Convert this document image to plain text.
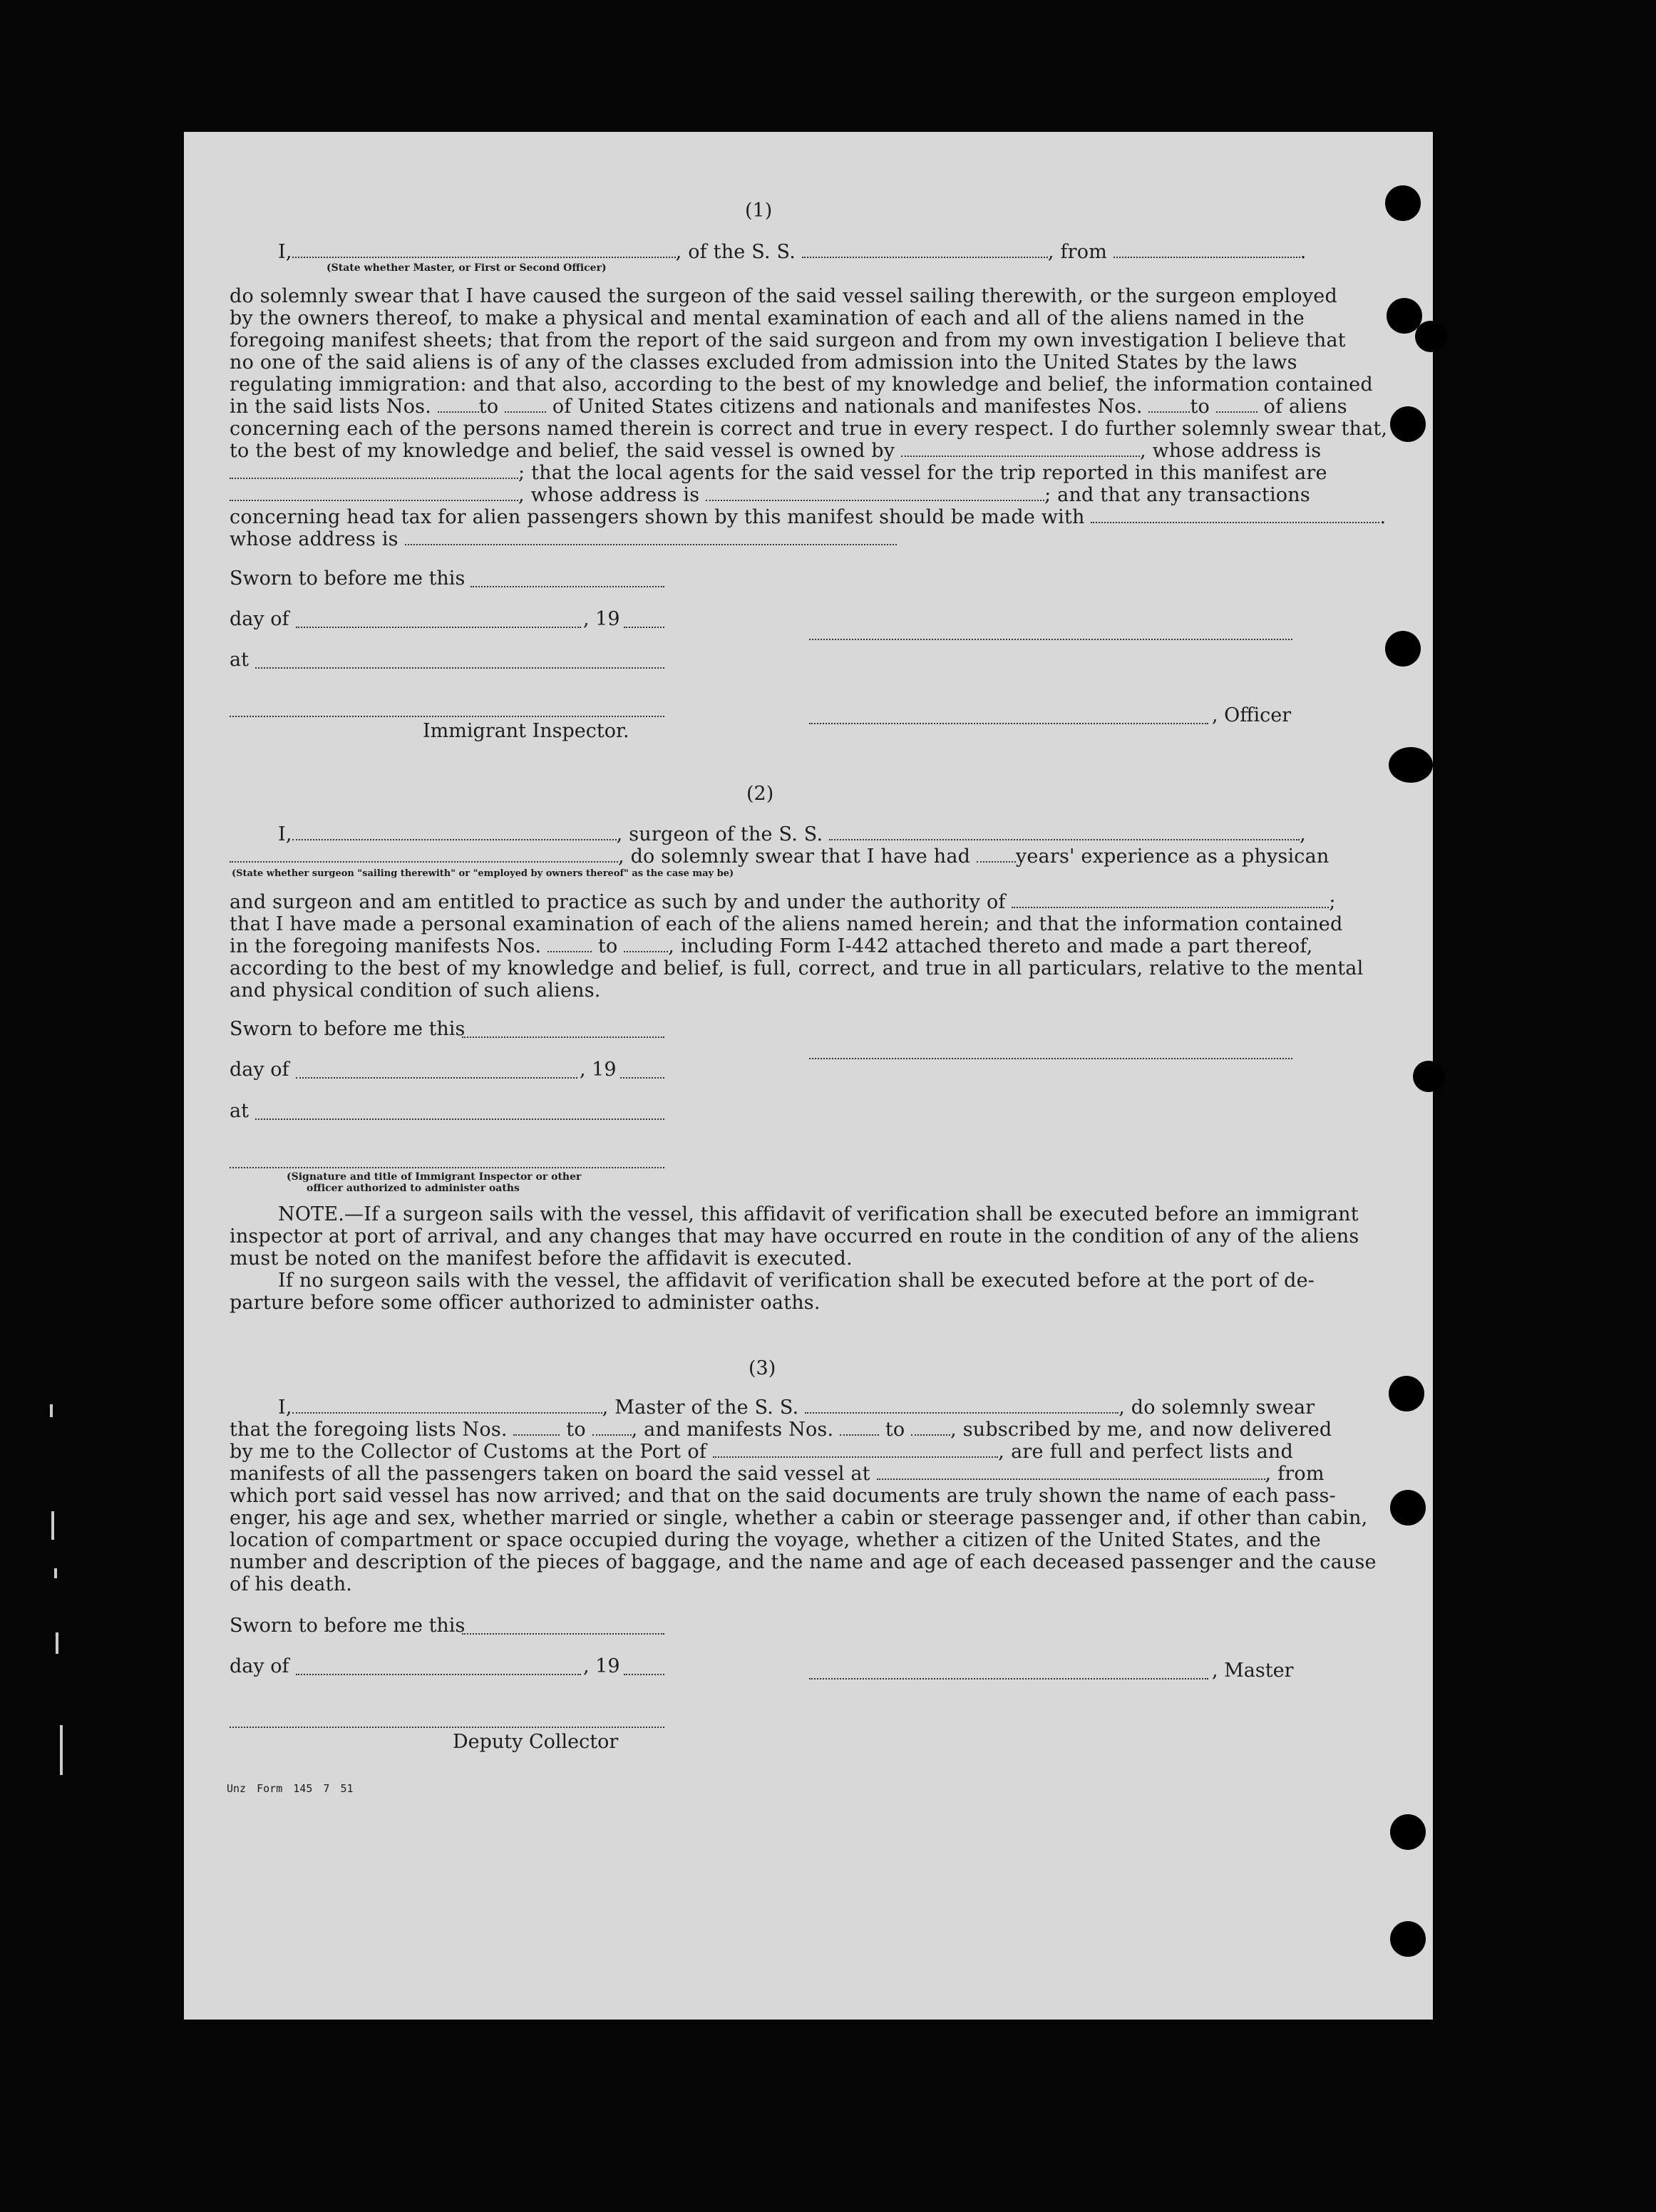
(1)
I,	, of the S. S.	, from	.
(State whether Master, or First or Second Officer)
do solemnly swear that I have caused the surgeon of the said vessel sailing therewith, or the surgeon employed
by the owners thereof, to make a physical and mental examination of each and all of the aliens named in the
foregoing manifest sheets; that from the report of the said surgeon and from my own investigation I believe that
no one of the said aliens is of any of the classes excluded from admission into the United States by the laws
regulating immigration: and that also, according to the best of my knowledge and belief, the information contained
in the said lists Nos. to	of United States citizens and nationals and manifestes Nos. to	of aliens
concerning each of the persons named therein is correct and true in every respect. I do further solemnly swear that,
to the best of my knowledge and belief, the said vessel is owned by	, whose address is
; that the local agents for the said vessel for the trip reported in this manifest are
, whose address is	; and that any transactions
concerning head tax for alien passengers shown by this manifest should be made with	.
whose address is
Sworn to before me this
day of	, 19
at
, Officer
Immigrant Inspector.
(2)
I,	, surgeon of the S. S.	,
, do solemnly swear that I have had years' experience as a physican
(State whether surgeon "sailing therewith" or "employed by owners thereof" as the case may be)
and surgeon and am entitled to practice as such by and under the authority of	;
that I have made a personal examination of each of the aliens named herein; and that the information contained
in the foregoing manifests Nos.	to	, including Form I-442 attached thereto and made a part thereof,
according to the best of my knowledge and belief, is full, correct, and true in all particulars, relative to the mental
and physical condition of such aliens.
Sworn to before me this
day of	, 19
at
(Signature and title of Immigrant Inspector or other
officer authorized to administer oaths
NOTE.—If a surgeon sails with the vessel, this affidavit of verification shall be executed before an immigrant
inspector at port of arrival, and any changes that may have occurred en route in the condition of any of the aliens
must be noted on the manifest before the affidavit is executed.
If no surgeon sails with the vessel, the affidavit of verification shall be executed before at the port of de-
parture before some officer authorized to administer oaths.
(3)
I,	, Master of the S. S.	, do solemnly swear
that the foregoing lists Nos.	to , and manifests Nos.	to , subscribed by me, and now delivered
by me to the Collector of Customs at the Port of	, are full and perfect lists and
manifests of all the passengers taken on board the said vessel at	, from
which port said vessel has now arrived; and that on the said documents are truly shown the name of each pass-
enger, his age and sex, whether married or single, whether a cabin or steerage passenger and, if other than cabin,
location of compartment or space occupied during the voyage, whether a citizen of the United States, and the
number and description of the pieces of baggage, and the name and age of each deceased passenger and the cause
of his death.
Sworn to before me this
day of	, 19	, Master
Deputy Collector
Unz Form 145 7 51
